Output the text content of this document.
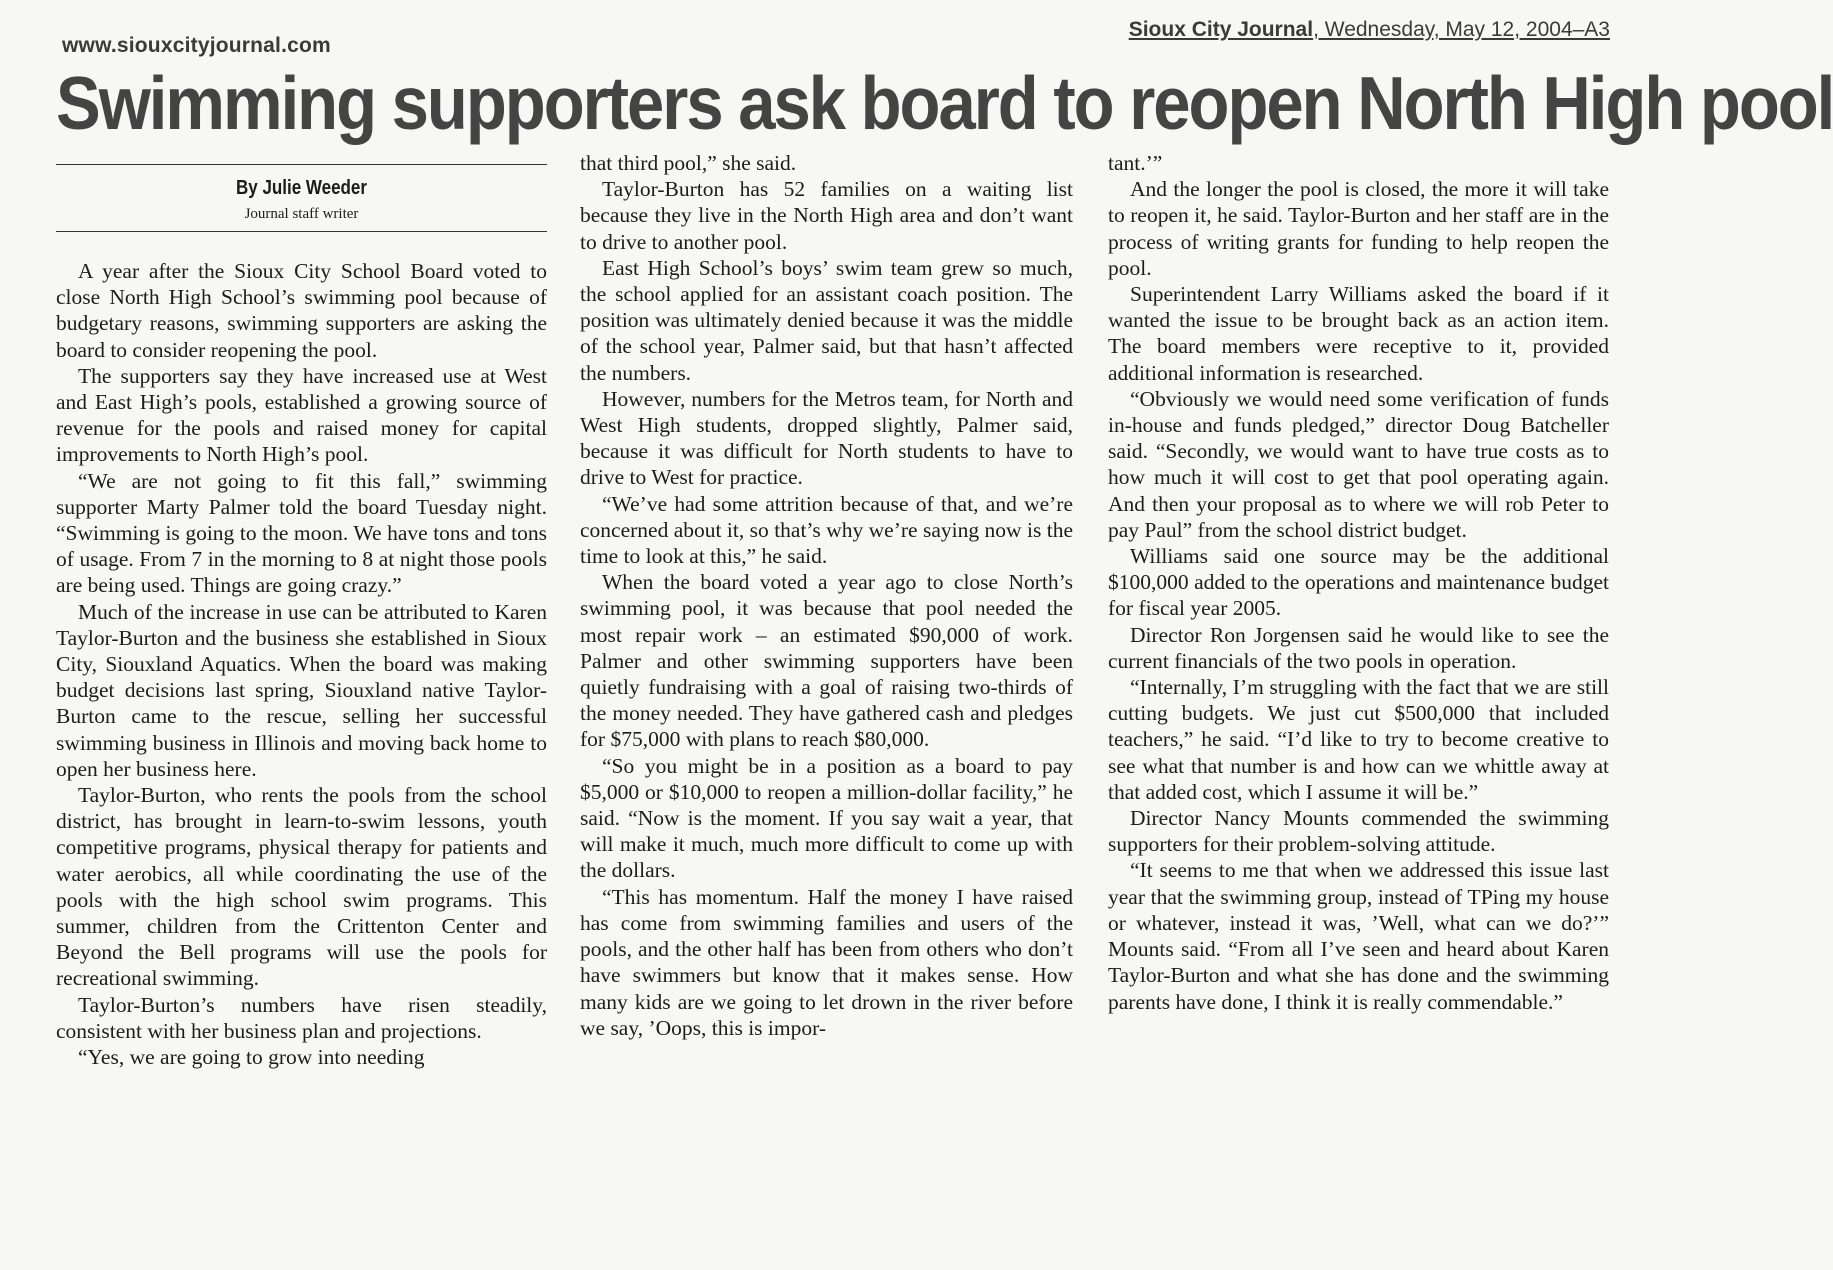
www.siouxcityjournal.com
Sioux City Journal, Wednesday, May 12, 2004–A3
Swimming supporters ask board to reopen North High pool
By Julie Weeder
Journal staff writer

A year after the Sioux City School Board voted to close North High School’s swimming pool because of budgetary reasons, swimming supporters are asking the board to consider reopening the pool.

The supporters say they have increased use at West and East High’s pools, established a growing source of revenue for the pools and raised money for capital improvements to North High’s pool.

“We are not going to fit this fall,” swimming supporter Marty Palmer told the board Tuesday night. “Swimming is going to the moon. We have tons and tons of usage. From 7 in the morning to 8 at night those pools are being used. Things are going crazy.”

Much of the increase in use can be attributed to Karen Taylor-Burton and the business she established in Sioux City, Siouxland Aquatics. When the board was making budget decisions last spring, Siouxland native Taylor-Burton came to the rescue, selling her successful swimming business in Illinois and moving back home to open her business here.

Taylor-Burton, who rents the pools from the school district, has brought in learn-to-swim lessons, youth competitive programs, physical therapy for patients and water aerobics, all while coordinating the use of the pools with the high school swim programs. This summer, children from the Crittenton Center and Beyond the Bell programs will use the pools for recreational swimming.

Taylor-Burton’s numbers have risen steadily, consistent with her business plan and projections.

“Yes, we are going to grow into needing

that third pool,” she said.

Taylor-Burton has 52 families on a waiting list because they live in the North High area and don’t want to drive to another pool.

East High School’s boys’ swim team grew so much, the school applied for an assistant coach position. The position was ultimately denied because it was the middle of the school year, Palmer said, but that hasn’t affected the numbers.

However, numbers for the Metros team, for North and West High students, dropped slightly, Palmer said, because it was difficult for North students to have to drive to West for practice.

“We’ve had some attrition because of that, and we’re concerned about it, so that’s why we’re saying now is the time to look at this,” he said.

When the board voted a year ago to close North’s swimming pool, it was because that pool needed the most repair work – an estimated $90,000 of work. Palmer and other swimming supporters have been quietly fundraising with a goal of raising two-thirds of the money needed. They have gathered cash and pledges for $75,000 with plans to reach $80,000.

“So you might be in a position as a board to pay $5,000 or $10,000 to reopen a million-dollar facility,” he said. “Now is the moment. If you say wait a year, that will make it much, much more difficult to come up with the dollars.

“This has momentum. Half the money I have raised has come from swimming families and users of the pools, and the other half has been from others who don’t have swimmers but know that it makes sense. How many kids are we going to let drown in the river before we say, ’Oops, this is impor-

tant.’”

And the longer the pool is closed, the more it will take to reopen it, he said. Taylor-Burton and her staff are in the process of writing grants for funding to help reopen the pool.

Superintendent Larry Williams asked the board if it wanted the issue to be brought back as an action item. The board members were receptive to it, provided additional information is researched.

“Obviously we would need some verification of funds in-house and funds pledged,” director Doug Batcheller said. “Secondly, we would want to have true costs as to how much it will cost to get that pool operating again. And then your proposal as to where we will rob Peter to pay Paul” from the school district budget.

Williams said one source may be the additional $100,000 added to the operations and maintenance budget for fiscal year 2005.

Director Ron Jorgensen said he would like to see the current financials of the two pools in operation.

“Internally, I’m struggling with the fact that we are still cutting budgets. We just cut $500,000 that included teachers,” he said. “I’d like to try to become creative to see what that number is and how can we whittle away at that added cost, which I assume it will be.”

Director Nancy Mounts commended the swimming supporters for their problem-solving attitude.

“It seems to me that when we addressed this issue last year that the swimming group, instead of TPing my house or whatever, instead it was, ’Well, what can we do?’” Mounts said. “From all I’ve seen and heard about Karen Taylor-Burton and what she has done and the swimming parents have done, I think it is really commendable.”
